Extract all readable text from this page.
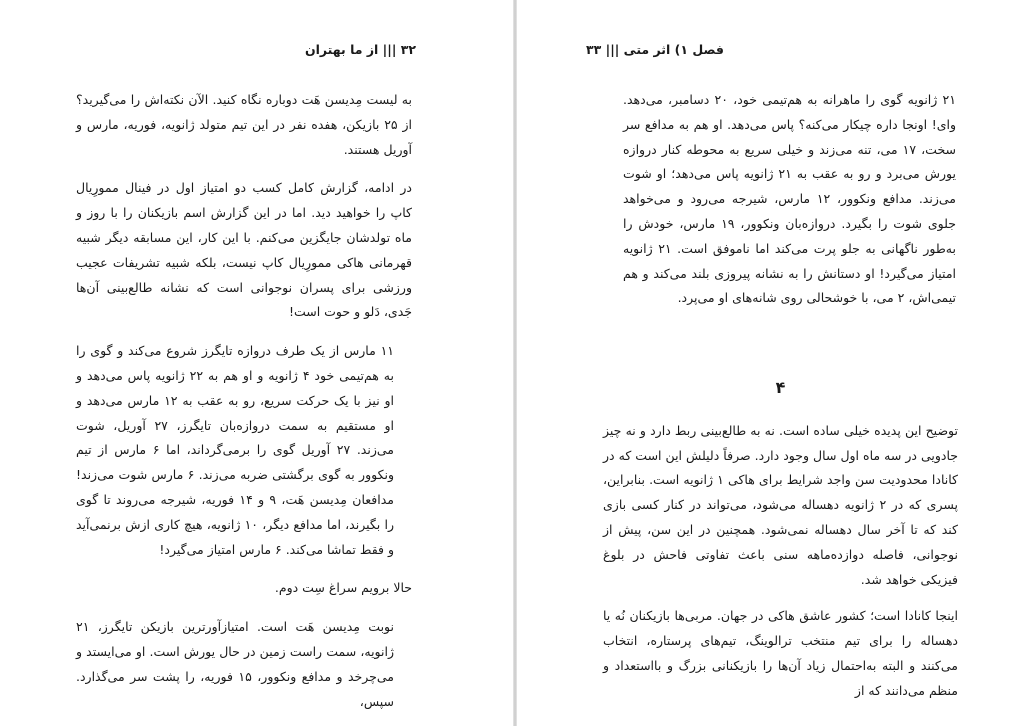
۳۲ ||| از ما بهتران

به لیست مِدیسن هَت دوباره نگاه کنید. الآن نکته‌اش را می‌گیرید؟ از ۲۵ بازیکن، هفده نفر در این تیم متولد ژانویه، فوریه، مارس و آوریل هستند.

در ادامه، گزارش کامل کسب دو امتیاز اول در فینال ممورِیال کاپ را خواهید دید. اما در این گزارش اسم بازیکنان را با روز و ماه تولدشان جایگزین می‌کنم. با این کار، این مسابقه دیگر شبیه قهرمانی هاکی ممورِیال کاپ نیست، بلکه شبیه تشریفات عجیب ورزشی برای پسران نوجوانی است که نشانه طالع‌بینی آن‌ها جَدی، دَلو و حوت است!

۱۱ مارس از یک طرف دروازه تایگرز شروع می‌کند و گوی را به هم‌تیمی خود ۴ ژانویه و او هم به ۲۲ ژانویه پاس می‌دهد و او نیز با یک حرکت سریع، رو به عقب به ۱۲ مارس می‌دهد و او مستقیم به سمت دروازه‌بان تایگرز، ۲۷ آوریل، شوت می‌زند. ۲۷ آوریل گوی را برمی‌گرداند، اما ۶ مارس از تیم ونکوور به گوی برگشتی ضربه می‌زند. ۶ مارس شوت می‌زند! مدافعان مِدیسن هَت، ۹ و ۱۴ فوریه، شیرجه می‌روند تا گوی را بگیرند، اما مدافع دیگر، ۱۰ ژانویه، هیچ کاری ازش برنمی‌آید و فقط تماشا می‌کند. ۶ مارس امتیاز می‌گیرد!

حالا برویم سراغ سِت دوم.

نوبت مِدیسن هَت است. امتیازآورترین بازیکن تایگرز، ۲۱ ژانویه، سمت راست زمین در حال یورش است. او می‌ایستد و می‌چرخد و مدافع ونکوور، ۱۵ فوریه، را پشت سر می‌گذارد. سپس،

فصل ۱) اثر متی ||| ۳۳

۲۱ ژانویه گوی را ماهرانه به هم‌تیمی خود، ۲۰ دسامبر، می‌دهد. وای! اونجا داره چیکار می‌کنه؟ پاس می‌دهد. او هم به مدافع سر سخت، ۱۷ می، تنه می‌زند و خیلی سریع به محوطه کنار دروازه یورش می‌برد و رو به عقب به ۲۱ ژانویه پاس می‌دهد؛ او شوت می‌زند. مدافع ونکوور، ۱۲ مارس، شیرجه می‌رود و می‌خواهد جلوی شوت را بگیرد. دروازه‌بان ونکوور، ۱۹ مارس، خودش را به‌طور ناگهانی به جلو پرت می‌کند اما ناموفق است. ۲۱ ژانویه امتیاز می‌گیرد! او دستانش را به نشانه پیروزی بلند می‌کند و هم تیمی‌اش، ۲ می، با خوشحالی روی شانه‌های او می‌پرد.

۴

توضیح این پدیده خیلی ساده است. نه به طالع‌بینی ربط دارد و نه چیز جادویی در سه ماه اول سال وجود دارد. صرفاً دلیلش این است که در کانادا محدودیت سن واجد شرایط برای هاکی ۱ ژانویه است. بنابراین، پسری که در ۲ ژانویه دهساله می‌شود، می‌تواند در کنار کسی بازی کند که تا آخر سال دهساله نمی‌شود. همچنین در این سن، پیش از نوجوانی، فاصله دوازده‌ماهه سنی باعث تفاوتی فاحش در بلوغ فیزیکی خواهد شد.

اینجا کانادا است؛ کشور عاشق هاکی در جهان. مربی‌ها بازیکنان نُه یا دهساله را برای تیم منتخب ترالوینگ، تیم‌های پرستاره، انتخاب می‌کنند و البته به‌احتمال زیاد آن‌ها را بازیکنانی بزرگ و بااستعداد و منظم می‌دانند که از
